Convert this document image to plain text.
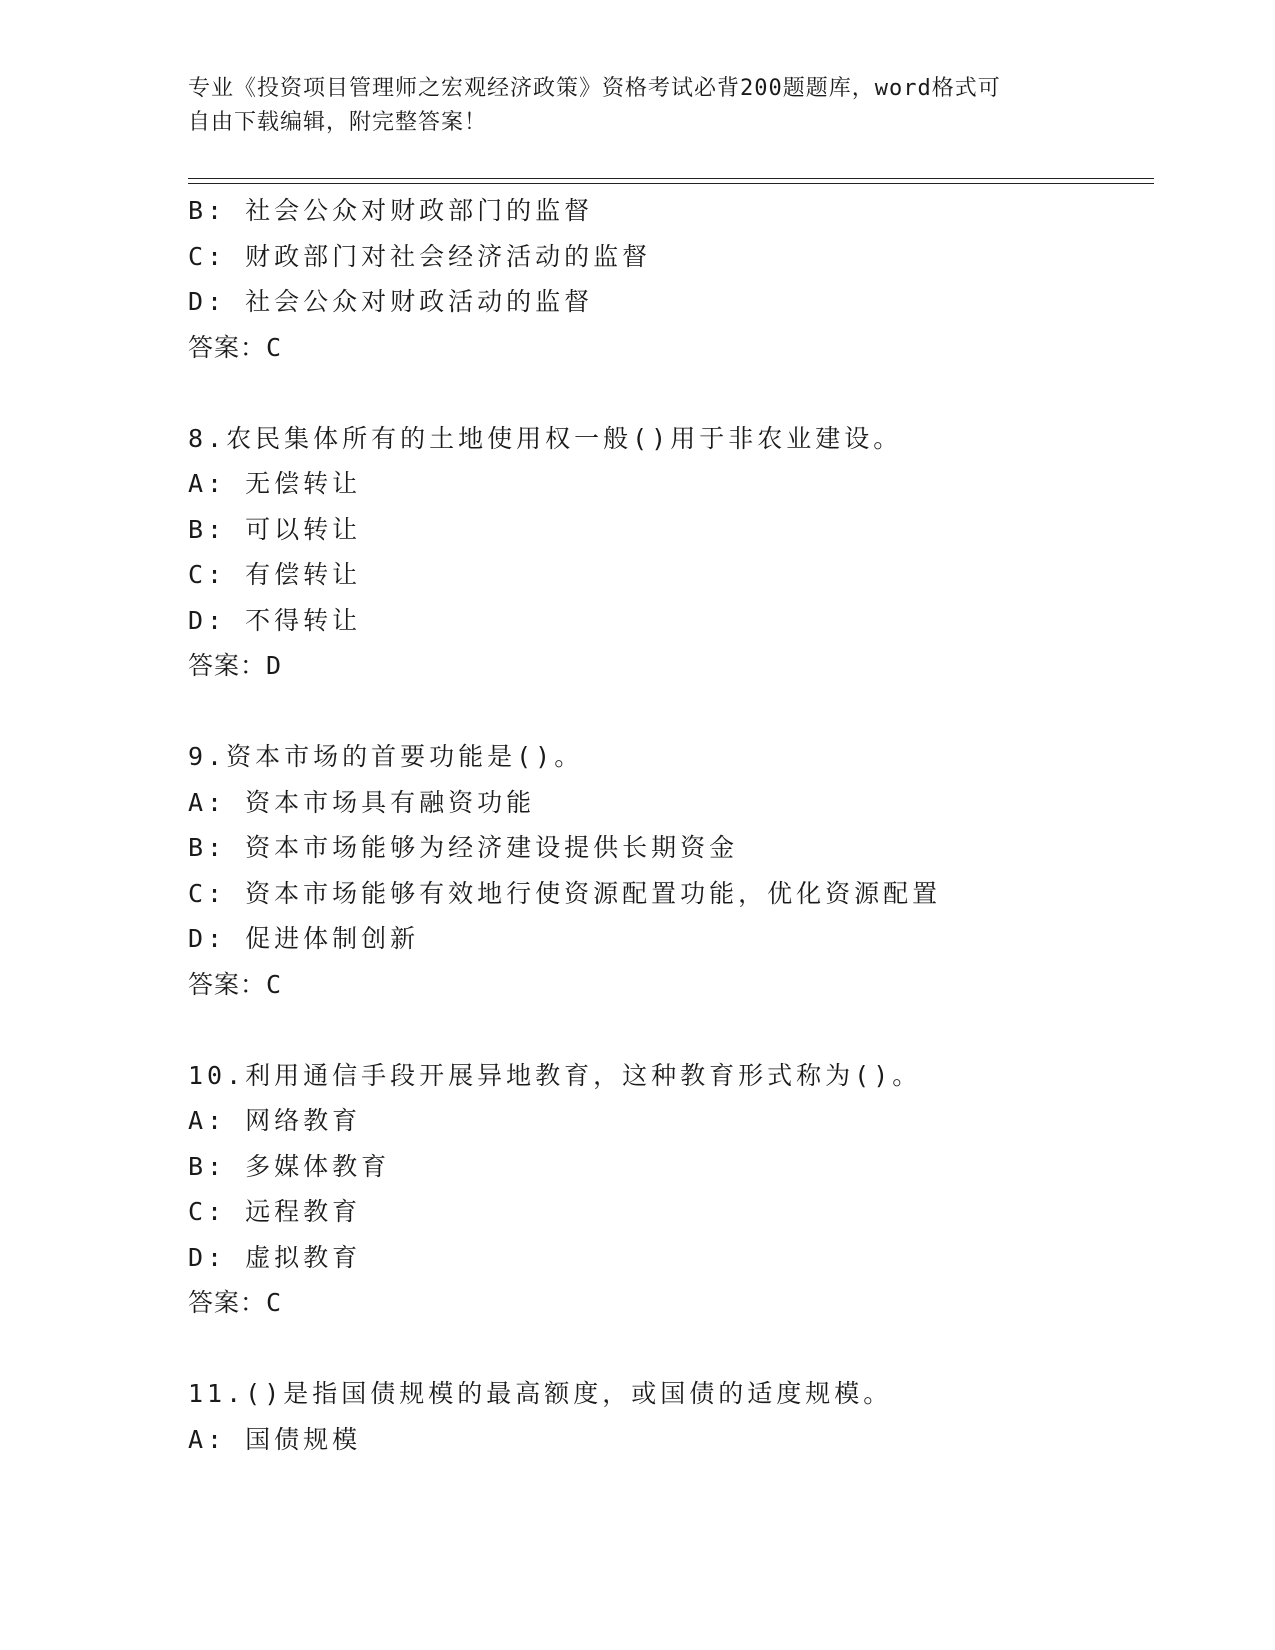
专业《投资项目管理师之宏观经济政策》资格考试必背200题题库，word格式可
自由下载编辑，附完整答案！
B: 社会公众对财政部门的监督
C: 财政部门对社会经济活动的监督
D: 社会公众对财政活动的监督
答案：C
8.农民集体所有的土地使用权一般()用于非农业建设。
A: 无偿转让
B: 可以转让
C: 有偿转让
D: 不得转让
答案：D
9.资本市场的首要功能是()。
A: 资本市场具有融资功能
B: 资本市场能够为经济建设提供长期资金
C: 资本市场能够有效地行使资源配置功能，优化资源配置
D: 促进体制创新
答案：C
10.利用通信手段开展异地教育，这种教育形式称为()。
A: 网络教育
B: 多媒体教育
C: 远程教育
D: 虚拟教育
答案：C
11.()是指国债规模的最高额度，或国债的适度规模。
A: 国债规模
